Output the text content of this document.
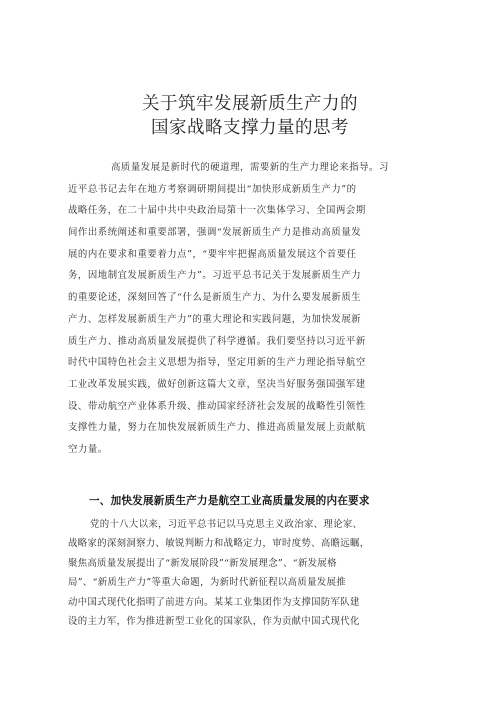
关于筑牢发展新质生产力的
国家战略支撑力量的思考
高质量发展是新时代的硬道理，需要新的生产力理论来指导。习
近平总书记去年在地方考察调研期间提出“加快形成新质生产力”的
战略任务，在二十届中共中央政治局第十一次集体学习、全国两会期
间作出系统阐述和重要部署，强调“发展新质生产力是推动高质量发
展的内在要求和重要着力点”，“要牢牢把握高质量发展这个首要任
务，因地制宜发展新质生产力”。习近平总书记关于发展新质生产力
的重要论述，深刻回答了“什么是新质生产力、为什么要发展新质生
产力、怎样发展新质生产力”的重大理论和实践问题，为加快发展新
质生产力、推动高质量发展提供了科学遵循。我们要坚持以习近平新
时代中国特色社会主义思想为指导，坚定用新的生产力理论指导航空
工业改革发展实践，做好创新这篇大文章，坚决当好服务强国强军建
设、带动航空产业体系升级、推动国家经济社会发展的战略性引领性
支撑性力量，努力在加快发展新质生产力、推进高质量发展上贡献航
空力量。
一、加快发展新质生产力是航空工业高质量发展的内在要求
党的十八大以来，习近平总书记以马克思主义政治家、理论家、
战略家的深刻洞察力、敏锐判断力和战略定力，审时度势、高瞻远瞩，
聚焦高质量发展提出了“新发展阶段”“新发展理念”、“新发展格
局”、“新质生产力”等重大命题，为新时代新征程以高质量发展推
动中国式现代化指明了前进方向。某某工业集团作为支撑国防军队建
设的主力军，作为推进新型工业化的国家队，作为贡献中国式现代化
